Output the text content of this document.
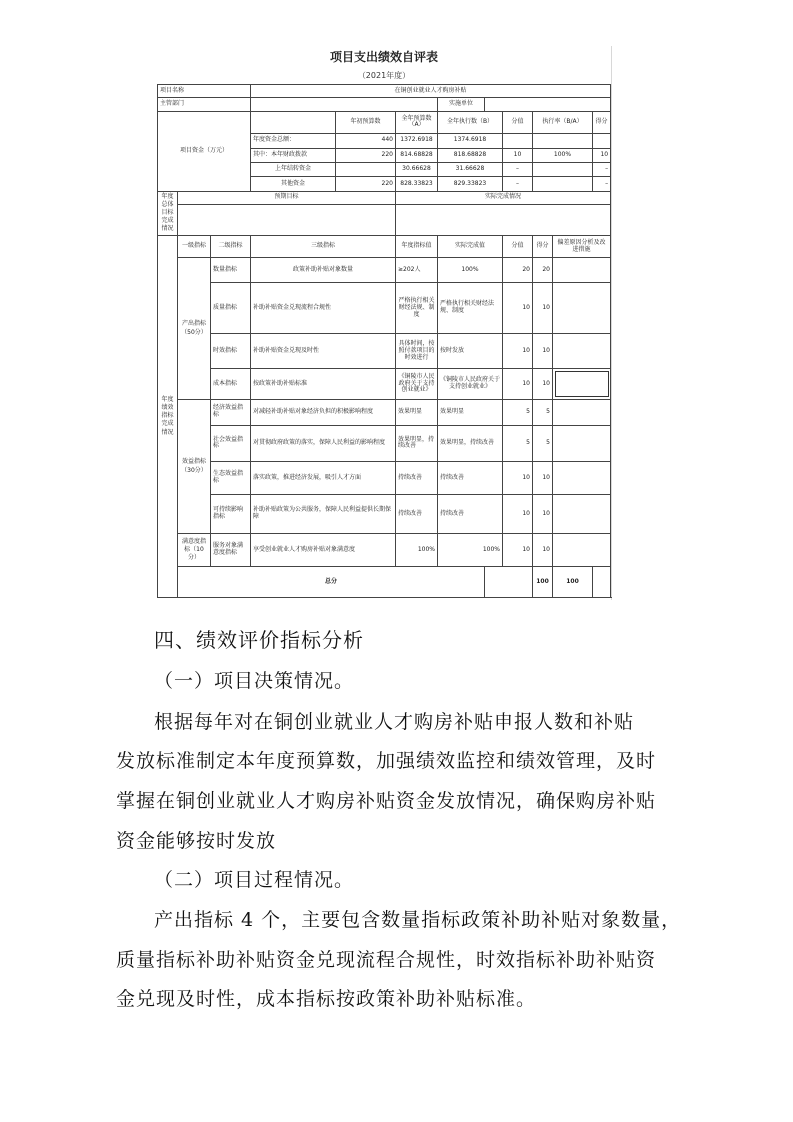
项目支出绩效自评表
（2021年度）
项目名称			在铜创业就业人才购房补贴								
主管部门						实施单位					
项目资金（万元）				年初预算数	全年预算数（A）	全年执行数（B）		分值	执行率（B/A）		得分
			年度资金总额：	440	1372.6918	1374.6918					
			其中：本年财政拨款	220	814.68828	818.68828		10	100%		10
			上年结转资金		30.66628	31.66628		–			–
			其他资金	220	828.33823	829.33823		–			–
年度总体目标完成情况	预期目标				实际完成情况						

年度绩效指标完成情况	一级指标	二级指标	三级指标		年度指标值	实际完成值		分值	得分	偏差原因分析及改进措施	
	产出指标（50分）	数量指标	政策补助补贴对象数量		≥202人	100%		20	20		
		质量指标	补助补贴资金兑现流程合规性		严格执行相关财经法规、制度	严格执行相关财经法规、制度		10	10		
		时效指标	补助补贴资金兑现及时性		具体时间，按照付款项目的时效进行	按时发放		10	10		
		成本指标	按政策补助补贴标准		《铜陵市人民政府关于支持创业就业》	《铜陵市人民政府关于支持创业就业》		10	10		
	效益指标（30分）	经济效益指标	对减轻补助补贴对象经济负担的积极影响程度		效果明显	效果明显		5	5		
		社会效益指标	对贯彻政府政策的落实，保障人民利益的影响程度		效果明显，持续改善	效果明显，持续改善		5	5		
		生态效益指标	落实政策，推进经济发展，吸引人才方面		持续改善	持续改善		10	10		
		可持续影响指标	补助补贴政策为公共服务，保障人民利益提供长期保障		持续改善	持续改善		10	10		
	满意度指标（10分）	服务对象满意度指标	享受创业就业人才购房补贴对象满意度		100%	100%		10	10		
	总分								100	100	
四、绩效评价指标分析
（一）项目决策情况。
根据每年对在铜创业就业人才购房补贴申报人数和补贴
发放标准制定本年度预算数，加强绩效监控和绩效管理，及时
掌握在铜创业就业人才购房补贴资金发放情况，确保购房补贴
资金能够按时发放
（二）项目过程情况。
产出指标 4 个，主要包含数量指标政策补助补贴对象数量，
质量指标补助补贴资金兑现流程合规性，时效指标补助补贴资
金兑现及时性，成本指标按政策补助补贴标准。
